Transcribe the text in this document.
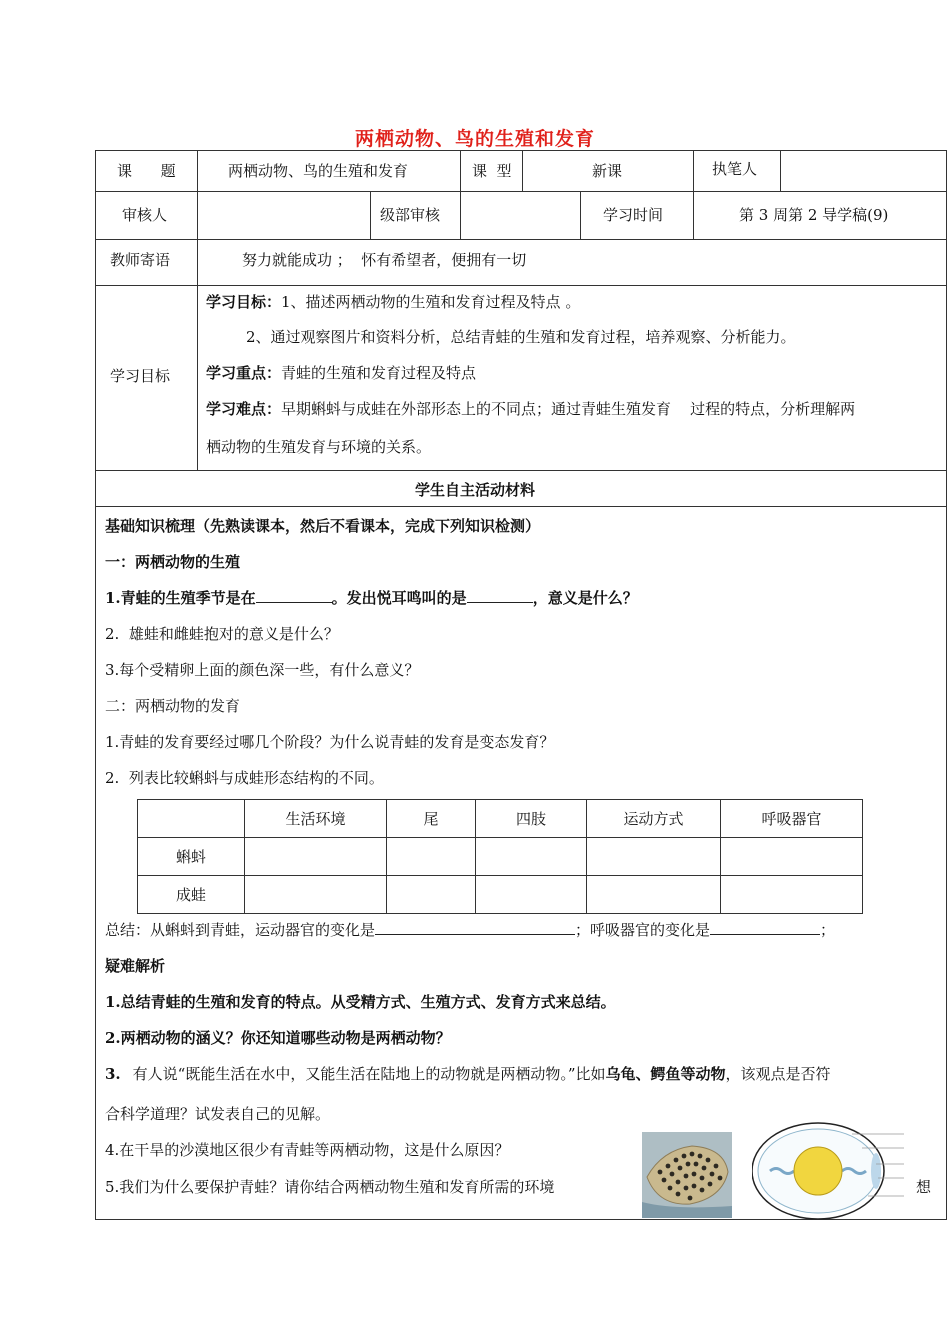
两栖动物、鸟的生殖和发育
课      题	两栖动物、鸟的生殖和发育	课  型	新课	执笔人
审核人	级部审核	学习时间	第 3 周第 2 导学稿(9)
教师寄语	努力就能成功 ；  怀有希望者，便拥有一切
学习目标
学习目标：1、描述两栖动物的生殖和发育过程及特点 。
2、通过观察图片和资料分析，总结青蛙的生殖和发育过程，培养观察、分析能力。
学习重点：青蛙的生殖和发育过程及特点
学习难点：早期蝌蚪与成蛙在外部形态上的不同点；通过青蛙生殖发育    过程的特点，分析理解两
栖动物的生殖发育与环境的关系。
学生自主活动材料
基础知识梳理（先熟读课本，然后不看课本，完成下列知识检测）
一：两栖动物的生殖
1.青蛙的生殖季节是在	。发出悦耳鸣叫的是	，意义是什么？
2.  雄蛙和雌蛙抱对的意义是什么？
3.每个受精卵上面的颜色深一些，有什么意义？
二：两栖动物的发育
1.青蛙的发育要经过哪几个阶段？为什么说青蛙的发育是变态发育？
2.  列表比较蝌蚪与成蛙形态结构的不同。
	生活环境	尾	四肢	运动方式	呼吸器官
蝌蚪					
成蛙					
总结：从蝌蚪到青蛙，运动器官的变化是	；呼吸器官的变化是	；
疑难解析
1.总结青蛙的生殖和发育的特点。从受精方式、生殖方式、发育方式来总结。
2.两栖动物的涵义？你还知道哪些动物是两栖动物？
3. 有人说“既能生活在水中，又能生活在陆地上的动物就是两栖动物。”比如乌龟、鳄鱼等动物，该观点是否符
合科学道理？试发表自己的见解。
4.在干旱的沙漠地区很少有青蛙等两栖动物，这是什么原因？
5.我们为什么要保护青蛙？请你结合两栖动物生殖和发育所需的环境	想
